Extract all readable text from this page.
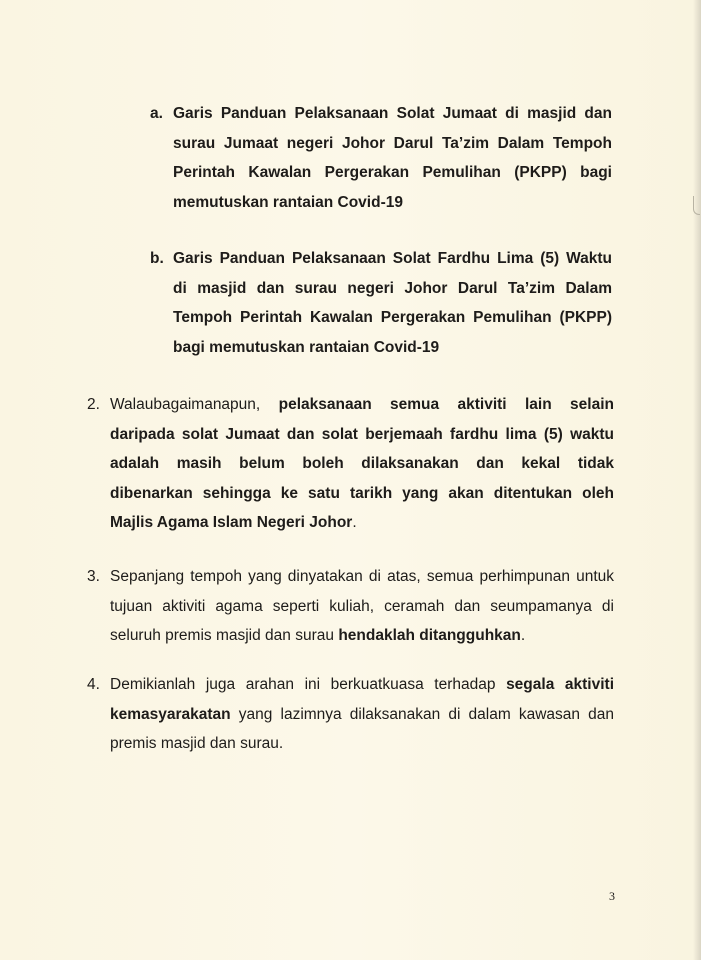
a. Garis Panduan Pelaksanaan Solat Jumaat di masjid dan
surau Jumaat negeri Johor Darul Ta’zim Dalam Tempoh
Perintah Kawalan Pergerakan Pemulihan (PKPP) bagi
memutuskan rantaian Covid-19
b. Garis Panduan Pelaksanaan Solat Fardhu Lima (5) Waktu
di masjid dan surau negeri Johor Darul Ta’zim Dalam
Tempoh Perintah Kawalan Pergerakan Pemulihan (PKPP)
bagi memutuskan rantaian Covid-19
2. Walaubagaimanapun, pelaksanaan semua aktiviti lain selain
daripada solat Jumaat dan solat berjemaah fardhu lima (5) waktu
adalah masih belum boleh dilaksanakan dan kekal tidak
dibenarkan sehingga ke satu tarikh yang akan ditentukan oleh
Majlis Agama Islam Negeri Johor.
3. Sepanjang tempoh yang dinyatakan di atas, semua perhimpunan untuk
tujuan aktiviti agama seperti kuliah, ceramah dan seumpamanya di
seluruh premis masjid dan surau hendaklah ditangguhkan.
4. Demikianlah juga arahan ini berkuatkuasa terhadap segala aktiviti
kemasyarakatan yang lazimnya dilaksanakan di dalam kawasan dan
premis masjid dan surau.
3
